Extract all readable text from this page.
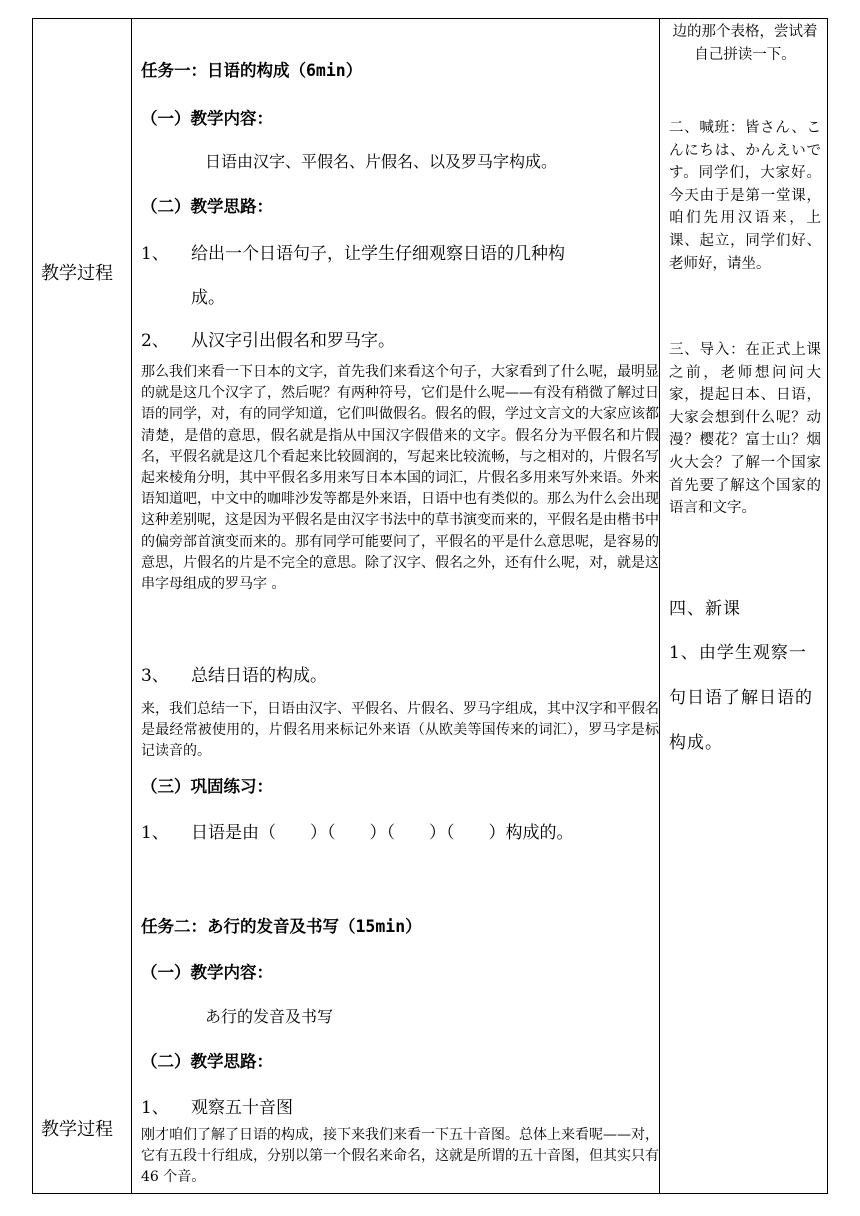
教学过程
教学过程
任务一：日语的构成（6min）
（一）教学内容：
日语由汉字、平假名、片假名、以及罗马字构成。
（二）教学思路：
1、 给出一个日语句子，让学生仔细观察日语的几种构
成。
2、 从汉字引出假名和罗马字。
那么我们来看一下日本的文字，首先我们来看这个句子，大家看到了什么呢，最明显的就是这几个汉字了，然后呢？有两种符号，它们是什么呢——有没有稍微了解过日语的同学，对，有的同学知道，它们叫做假名。假名的假，学过文言文的大家应该都清楚，是借的意思，假名就是指从中国汉字假借来的文字。假名分为平假名和片假名，平假名就是这几个看起来比较圆润的，写起来比较流畅，与之相对的，片假名写起来棱角分明，其中平假名多用来写日本本国的词汇，片假名多用来写外来语。外来语知道吧，中文中的咖啡沙发等都是外来语，日语中也有类似的。那么为什么会出现这种差别呢，这是因为平假名是由汉字书法中的草书演变而来的，平假名是由楷书中的偏旁部首演变而来的。那有同学可能要问了，平假名的平是什么意思呢，是容易的意思，片假名的片是不完全的意思。除了汉字、假名之外，还有什么呢，对，就是这串字母组成的罗马字 。
3、 总结日语的构成。
来，我们总结一下，日语由汉字、平假名、片假名、罗马字组成，其中汉字和平假名是最经常被使用的，片假名用来标记外来语（从欧美等国传来的词汇），罗马字是标记读音的。
（三）巩固练习：
1、 日语是由（　　）（　　）（　　）（　　）构成的。
任务二：あ行的发音及书写（15min）
（一）教学内容：
あ行的发音及书写
（二）教学思路：
1、 观察五十音图
刚才咱们了解了日语的构成，接下来我们来看一下五十音图。总体上来看呢——对，它有五段十行组成，分别以第一个假名来命名，这就是所谓的五十音图，但其实只有 46 个音。
边的那个表格，尝试着自己拼读一下。
二、喊班：皆さん、こんにちは、かんえいです。同学们，大家好。今天由于是第一堂课，咱们先用汉语来，上课、起立，同学们好、老师好，请坐。
三、导入：在正式上课之前，老师想问问大家，提起日本、日语，大家会想到什么呢？动漫？樱花？富士山？烟火大会？了解一个国家首先要了解这个国家的语言和文字。
四、新课
1、由学生观察一句日语了解日语的构成。
